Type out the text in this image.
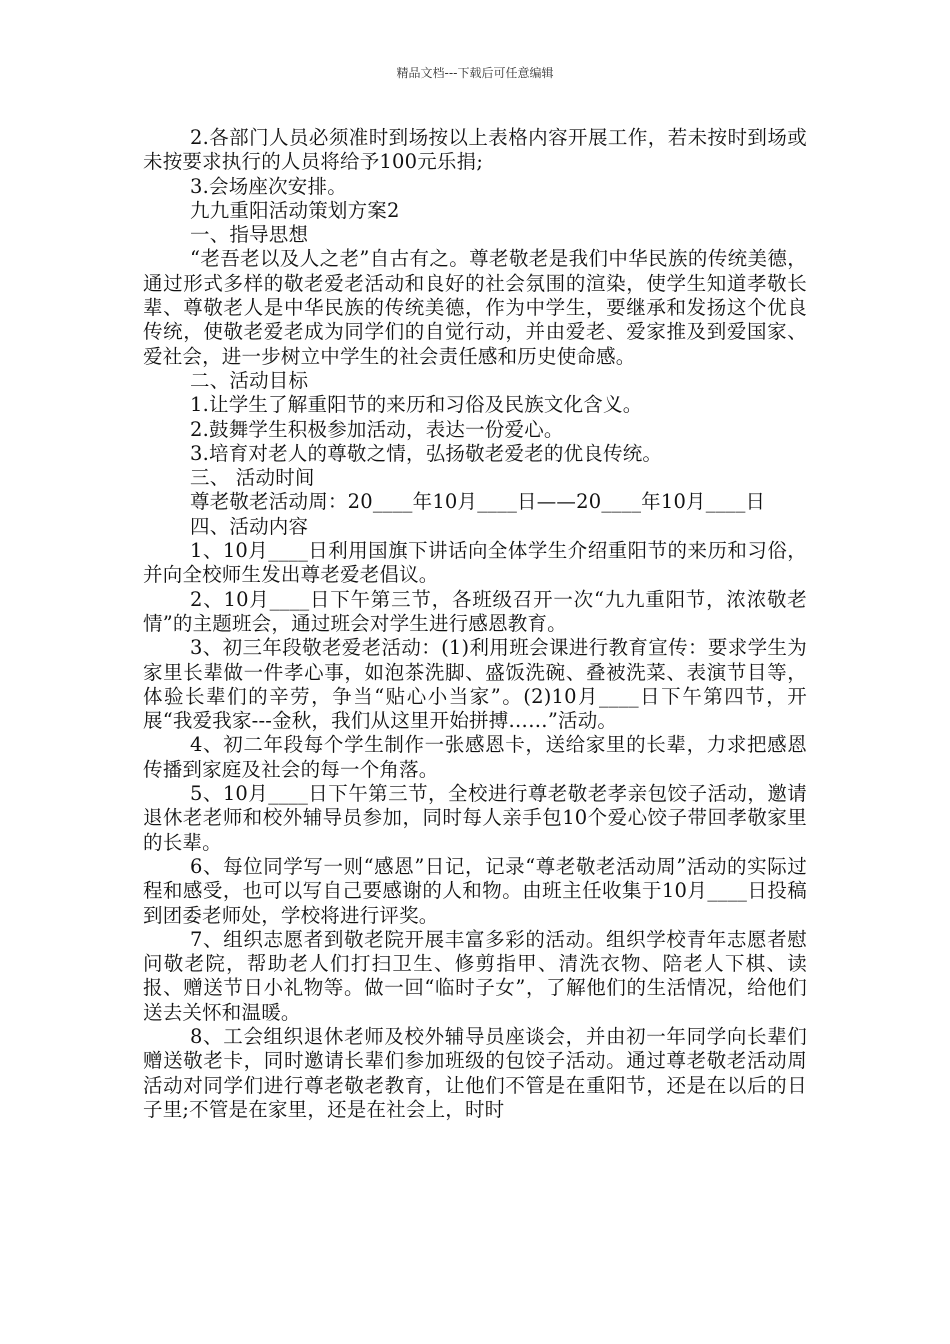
精品文档---下载后可任意编辑

2.各部门人员必须准时到场按以上表格内容开展工作，若未按时到场或未按要求执行的人员将给予100元乐捐;

3.会场座次安排。

九九重阳活动策划方案2

一、指导思想

“老吾老以及人之老”自古有之。尊老敬老是我们中华民族的传统美德，通过形式多样的敬老爱老活动和良好的社会氛围的渲染，使学生知道孝敬长辈、尊敬老人是中华民族的传统美德，作为中学生，要继承和发扬这个优良传统，使敬老爱老成为同学们的自觉行动，并由爱老、爱家推及到爱国家、爱社会，进一步树立中学生的社会责任感和历史使命感。

二、活动目标

1.让学生了解重阳节的来历和习俗及民族文化含义。

2.鼓舞学生积极参加活动，表达一份爱心。

3.培育对老人的尊敬之情，弘扬敬老爱老的优良传统。

三、 活动时间

尊老敬老活动周：20____年10月____日——20____年10月____日

四、活动内容

1、10月____日利用国旗下讲话向全体学生介绍重阳节的来历和习俗，并向全校师生发出尊老爱老倡议。

2、10月____日下午第三节，各班级召开一次“九九重阳节，浓浓敬老情”的主题班会，通过班会对学生进行感恩教育。

3、初三年段敬老爱老活动：(1)利用班会课进行教育宣传：要求学生为家里长辈做一件孝心事，如泡茶洗脚、盛饭洗碗、叠被洗菜、表演节目等，体验长辈们的辛劳，争当“贴心小当家”。(2)10月____日下午第四节，开展“我爱我家---金秋，我们从这里开始拼搏……”活动。

4、初二年段每个学生制作一张感恩卡，送给家里的长辈，力求把感恩传播到家庭及社会的每一个角落。

5、10月____日下午第三节，全校进行尊老敬老孝亲包饺子活动，邀请退休老老师和校外辅导员参加，同时每人亲手包10个爱心饺子带回孝敬家里的长辈。

6、每位同学写一则“感恩”日记，记录“尊老敬老活动周”活动的实际过程和感受，也可以写自己要感谢的人和物。由班主任收集于10月____日投稿到团委老师处，学校将进行评奖。

7、组织志愿者到敬老院开展丰富多彩的活动。组织学校青年志愿者慰问敬老院，帮助老人们打扫卫生、修剪指甲、清洗衣物、陪老人下棋、读报、赠送节日小礼物等。做一回“临时子女”，了解他们的生活情况，给他们送去关怀和温暖。

8、工会组织退休老师及校外辅导员座谈会，并由初一年同学向长辈们赠送敬老卡，同时邀请长辈们参加班级的包饺子活动。通过尊老敬老活动周活动对同学们进行尊老敬老教育，让他们不管是在重阳节，还是在以后的日子里;不管是在家里，还是在社会上，时时
